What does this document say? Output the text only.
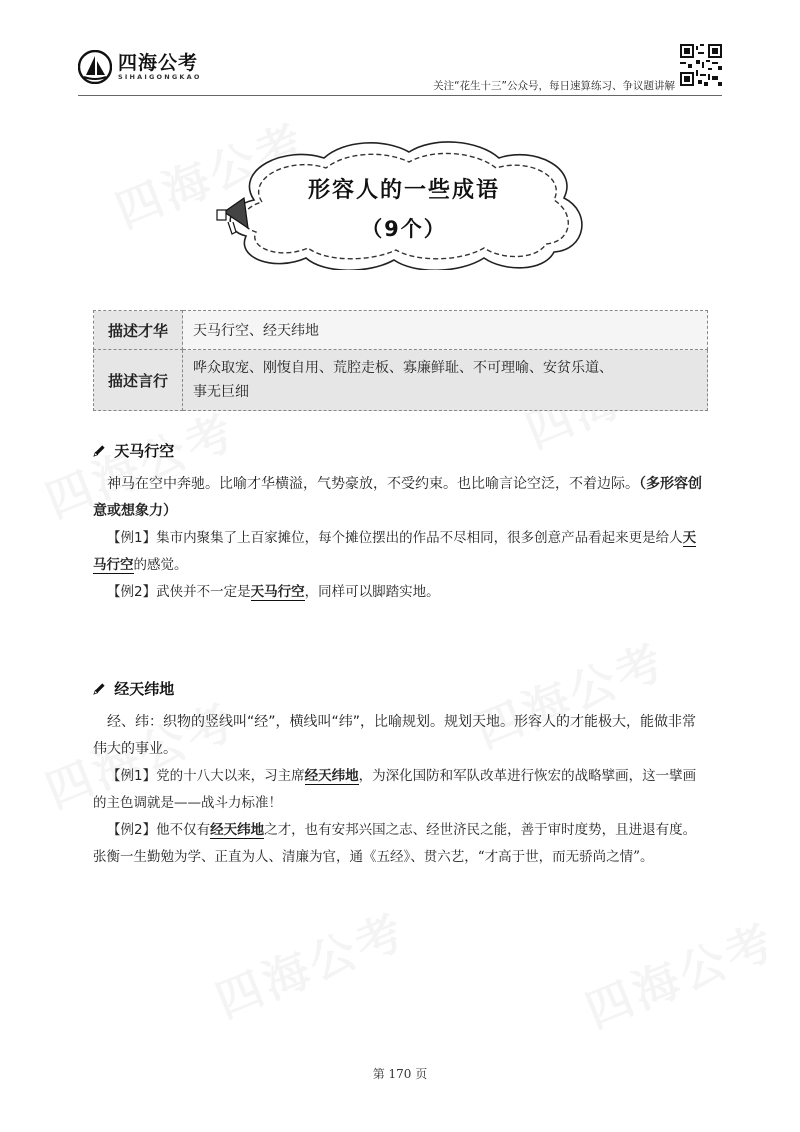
四海公考
SIHAIGONGKAO
关注“花生十三”公众号，每日速算练习、争议题讲解
形容人的一些成语
（9个）
描述才华	天马行空、经天纬地
描述言行	哗众取宠、刚愎自用、荒腔走板、寡廉鲜耻、不可理喻、安贫乐道、
事无巨细
天马行空

神马在空中奔驰。比喻才华横溢，气势豪放，不受约束。也比喻言论空泛，不着边际。（多形容创意或想象力）

【例1】集市内聚集了上百家摊位，每个摊位摆出的作品不尽相同，很多创意产品看起来更是给人天马行空的感觉。

【例2】武侠并不一定是天马行空，同样可以脚踏实地。

经天纬地

经、纬：织物的竖线叫“经”，横线叫“纬”，比喻规划。规划天地。形容人的才能极大，能做非常伟大的事业。

【例1】党的十八大以来，习主席经天纬地，为深化国防和军队改革进行恢宏的战略擘画，这一擘画的主色调就是——战斗力标准！

【例2】他不仅有经天纬地之才，也有安邦兴国之志、经世济民之能，善于审时度势，且进退有度。张衡一生勤勉为学、正直为人、清廉为官，通《五经》、贯六艺，“才高于世，而无骄尚之情”。

第 170 页
